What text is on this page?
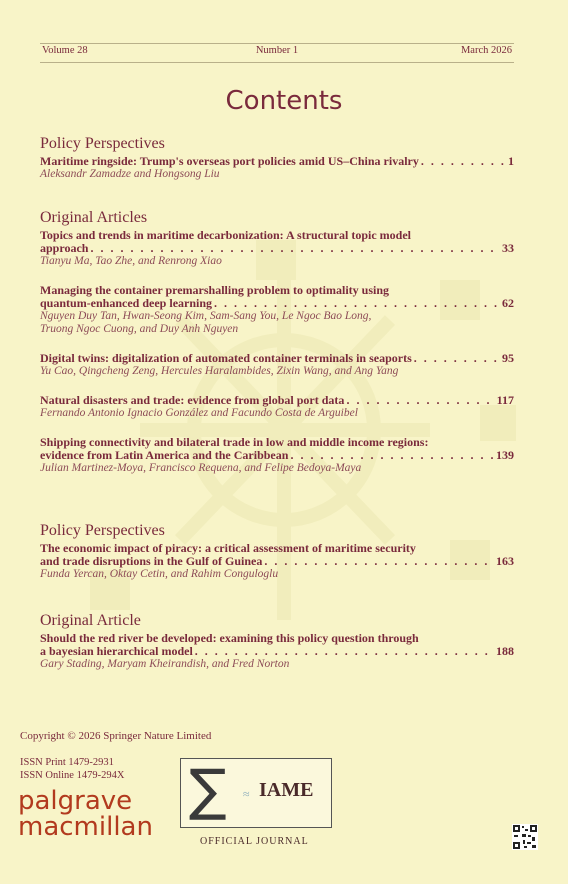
Volume 28	Number 1	March 2026
Contents
Policy Perspectives
Maritime ringside: Trump's overseas port policies amid US–China rivalry . . .	1
Aleksandr Zamadze and Hongsong Liu
Original Articles
Topics and trends in maritime decarbonization: A structural topic model
approach . . .	33
Tianyu Ma, Tao Zhe, and Renrong Xiao
Managing the container premarshalling problem to optimality using
quantum-enhanced deep learning . . .	62
Nguyen Duy Tan, Hwan-Seong Kim, Sam-Sang You, Le Ngoc Bao Long,
Truong Ngoc Cuong, and Duy Anh Nguyen
Digital twins: digitalization of automated container terminals in seaports . . .	95
Yu Cao, Qingcheng Zeng, Hercules Haralambides, Zixin Wang, and Ang Yang
Natural disasters and trade: evidence from global port data . . .	117
Fernando Antonio Ignacio González and Facundo Costa de Arguibel
Shipping connectivity and bilateral trade in low and middle income regions:
evidence from Latin America and the Caribbean . . .	139
Julian Martinez-Moya, Francisco Requena, and Felipe Bedoya-Maya
Policy Perspectives
The economic impact of piracy: a critical assessment of maritime security
and trade disruptions in the Gulf of Guinea . . .	163
Funda Yercan, Oktay Cetin, and Rahim Conguloglu
Original Article
Should the red river be developed: examining this policy question through
a bayesian hierarchical model . . .	188
Gary Stading, Maryam Kheirandish, and Fred Norton
Copyright © 2026 Springer Nature Limited
ISSN Print 1479-2931
ISSN Online 1479-294X
palgrave
macmillan
∑ ≈ IAME
OFFICIAL JOURNAL
